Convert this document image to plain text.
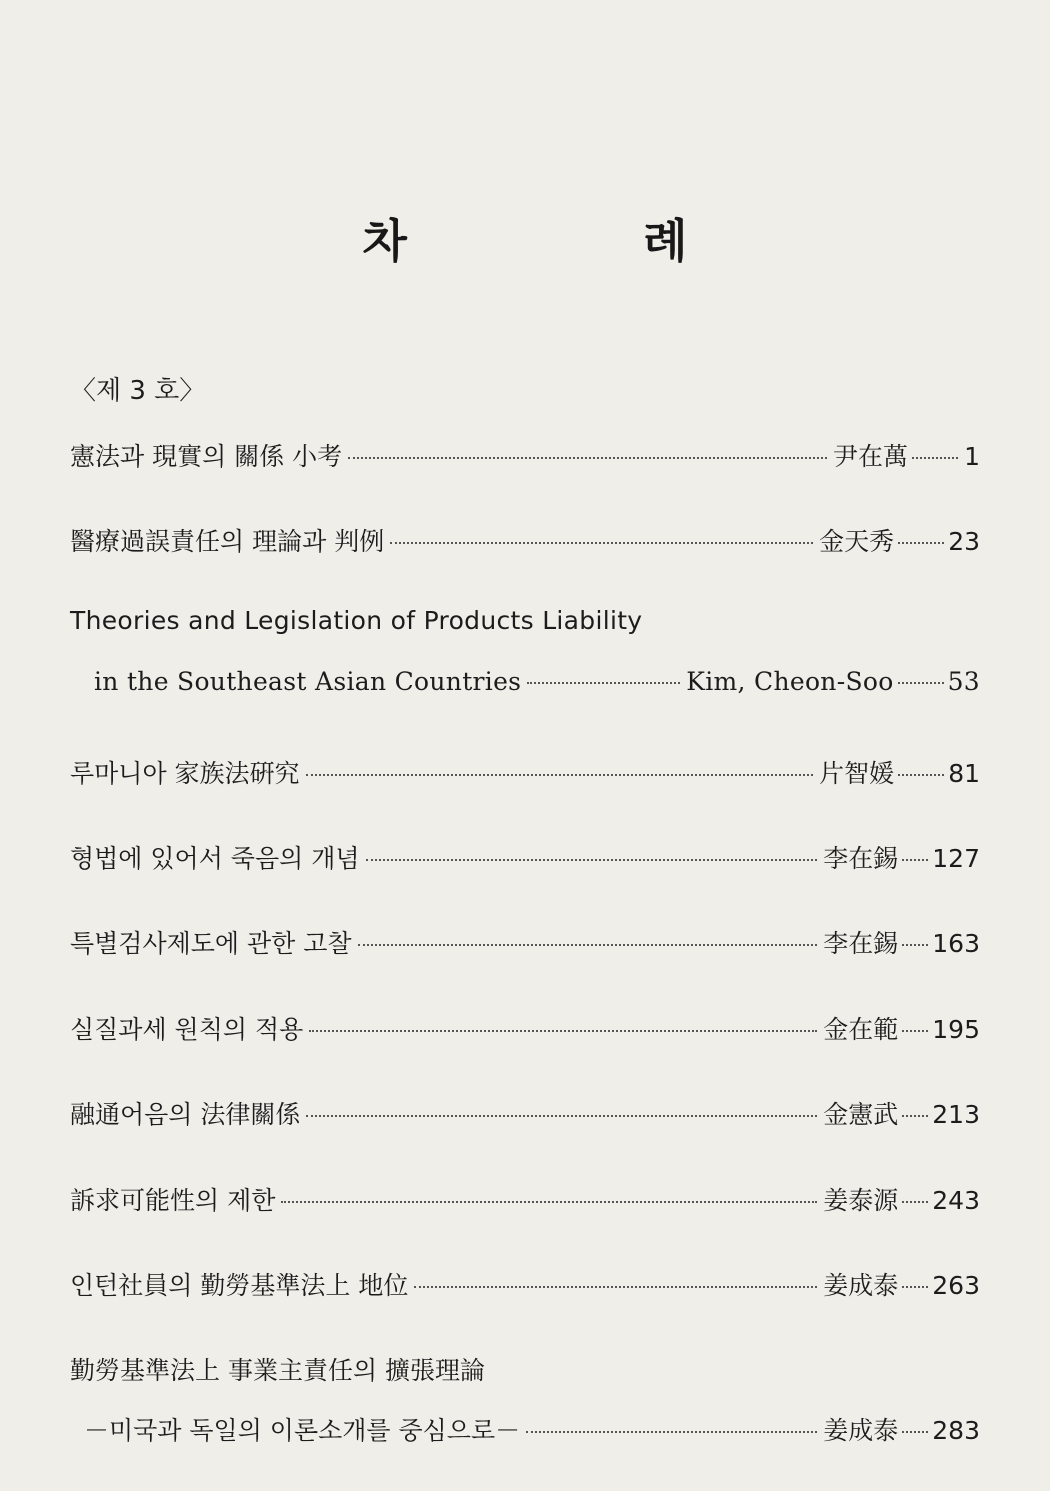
차 례
〈제 3 호〉
憲法과 現實의 關係 小考	尹在萬 1
醫療過誤責任의 理論과 判例	金天秀 23
Theories and Legislation of Products Liability
in the Southeast Asian Countries	Kim, Cheon-Soo 53
루마니아 家族法硏究	片智媛 81
형법에 있어서 죽음의 개념	李在錫 127
특별검사제도에 관한 고찰	李在錫 163
실질과세 원칙의 적용	金在範 195
融通어음의 法律關係	金憲武 213
訴求可能性의 제한	姜泰源 243
인턴社員의 勤勞基準法上 地位	姜成泰 263
勤勞基準法上 事業主責任의 擴張理論
－미국과 독일의 이론소개를 중심으로－	姜成泰 283
